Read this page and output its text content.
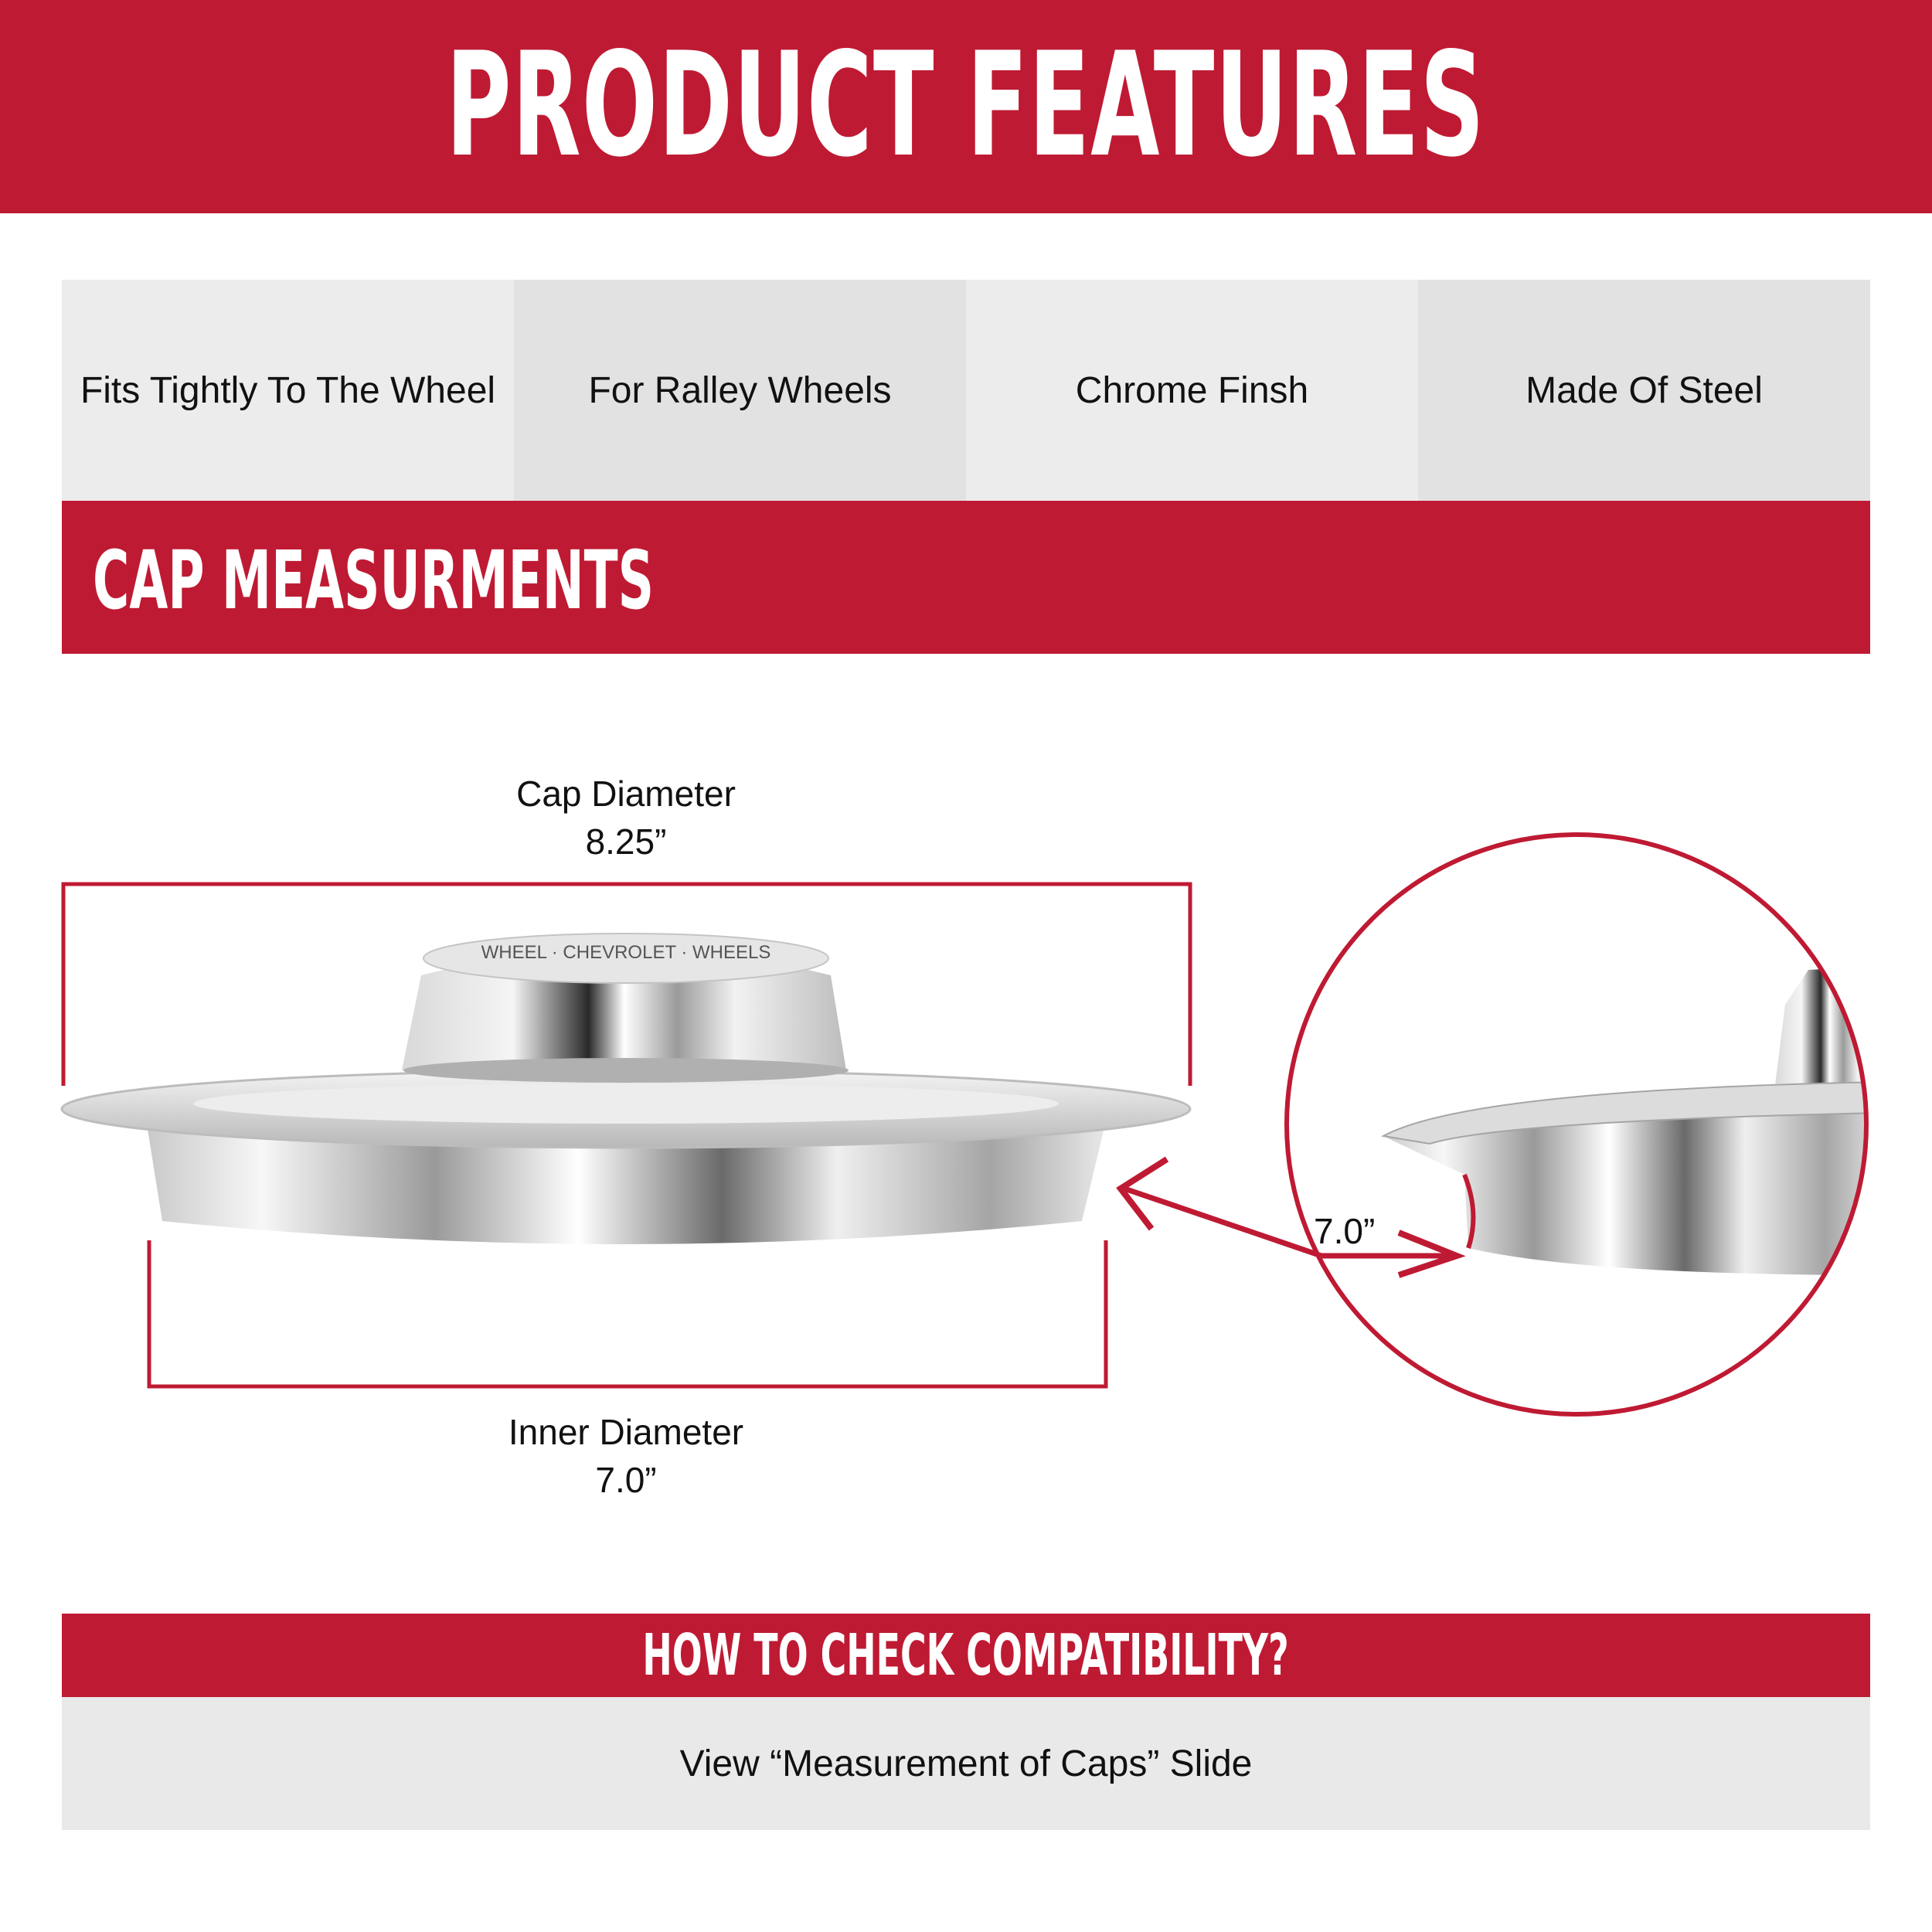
PRODUCT FEATURES
Fits Tightly To The Wheel	For Ralley Wheels	Chrome Finsh	Made Of Steel
CAP MEASURMENTS
WHEEL · CHEVROLET · WHEELS
Cap Diameter
8.25”
Inner Diameter
7.0”
7.0”
HOW TO CHECK COMPATIBILITY?
View “Measurement of Caps” Slide
